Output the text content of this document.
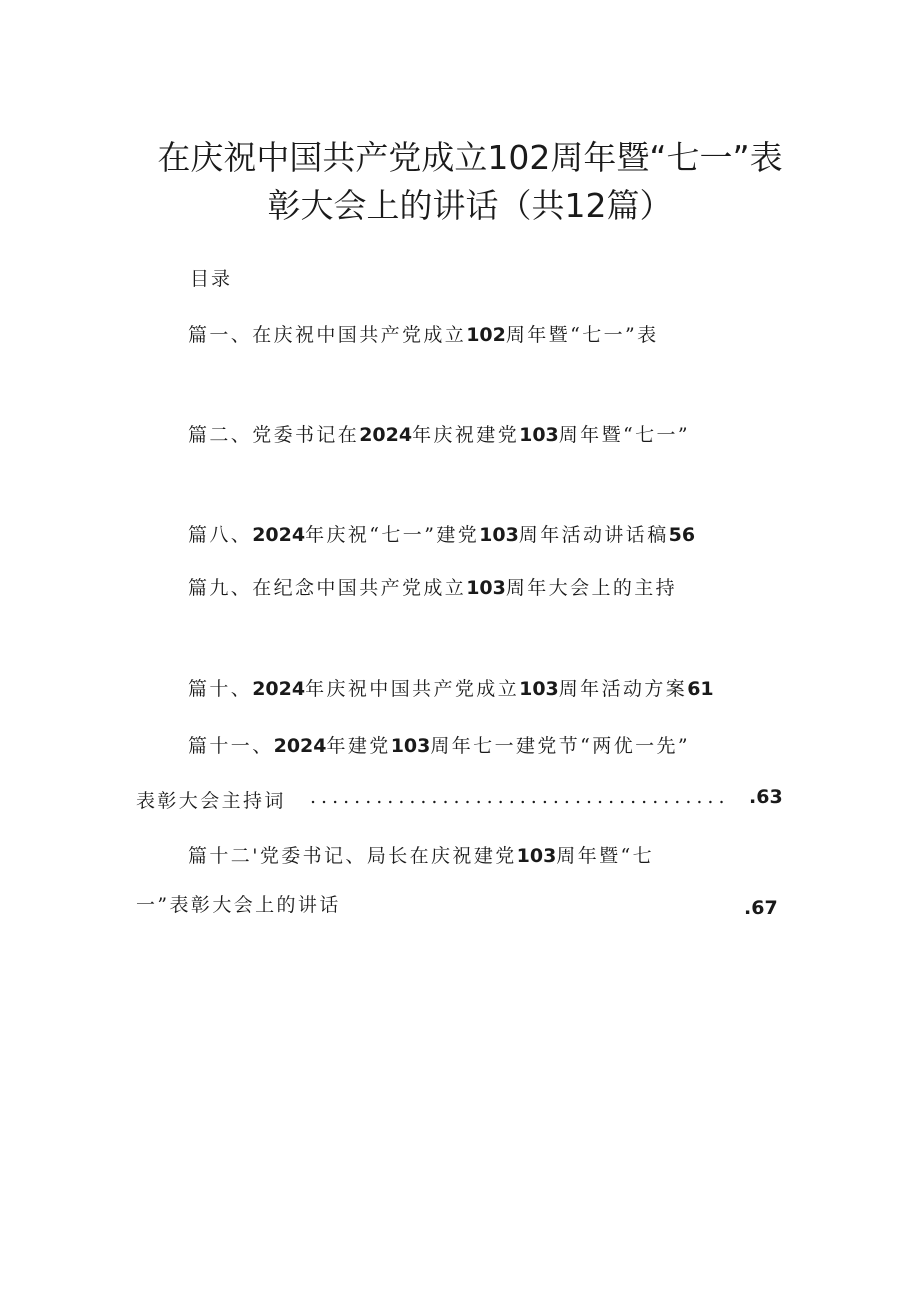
在庆祝中国共产党成立102周年暨“七一”表
彰大会上的讲话（共12篇）
目录
篇一、在庆祝中国共产党成立102周年暨“七一”表
篇二、党委书记在2024年庆祝建党103周年暨“七一”
篇八、2024年庆祝“七一”建党103周年活动讲话稿56
篇九、在纪念中国共产党成立103周年大会上的主持
篇十、2024年庆祝中国共产党成立103周年活动方案61
篇十一、2024年建党103周年七一建党节“两优一先”
表彰大会主持词 ......................................	.63
篇十二'党委书记、局长在庆祝建党103周年暨“七
一”表彰大会上的讲话	.67
